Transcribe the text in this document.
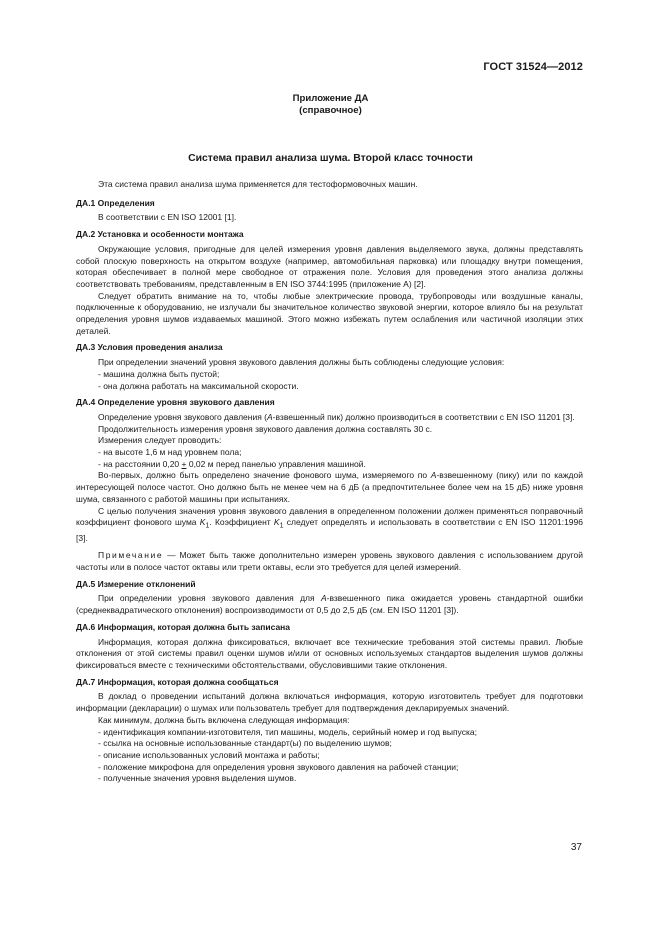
ГОСТ 31524—2012
Приложение ДА
(справочное)
Система правил анализа шума. Второй класс точности

Эта система правил анализа шума применяется для тестоформовочных машин.

ДА.1 Определения

В соответствии с EN ISO 12001 [1].

ДА.2 Установка и особенности монтажа

Окружающие условия, пригодные для целей измерения уровня давления выделяемого звука, должны представлять собой плоскую поверхность на открытом воздухе (например, автомобильная парковка) или площадку внутри помещения, которая обеспечивает в полной мере свободное от отражения поле. Условия для проведения этого анализа должны соответствовать требованиям, представленным в EN ISO 3744:1995 (приложение А) [2].

Следует обратить внимание на то, чтобы любые электрические провода, трубопроводы или воздушные каналы, подключенные к оборудованию, не излучали бы значительное количество звуковой энергии, которое влияло бы на результат определения уровня шумов издаваемых машиной. Этого можно избежать путем ослабления или частичной изоляции этих деталей.

ДА.3 Условия проведения анализа

При определении значений уровня звукового давления должны быть соблюдены следующие условия:

- машина должна быть пустой;

- она должна работать на максимальной скорости.

ДА.4 Определение уровня звукового давления

Определение уровня звукового давления (А-взвешенный пик) должно производиться в соответствии с EN ISO 11201 [3].

Продолжительность измерения уровня звукового давления должна составлять 30 с.

Измерения следует проводить:

- на высоте 1,6 м над уровнем пола;

- на расстоянии 0,20 + 0,02 м перед панелью управления машиной.

Во-первых, должно быть определено значение фонового шума, измеряемого по А-взвешенному (пику) или по каждой интересующей полосе частот. Оно должно быть не менее чем на 6 дБ (а предпочтительнее более чем на 15 дБ) ниже уровня шума, связанного с работой машины при испытаниях.

С целью получения значения уровня звукового давления в определенном положении должен применяться поправочный коэффициент фонового шума $K_1$. Коэффициент $K_1$ следует определять и использовать в соответствии с EN ISO 11201:1996 [3].

Примечание — Может быть также дополнительно измерен уровень звукового давления с использованием другой частоты или в полосе частот октавы или трети октавы, если это требуется для целей измерений.

ДА.5 Измерение отклонений

При определении уровня звукового давления для А-взвешенного пика ожидается уровень стандартной ошибки (среднеквадратического отклонения) воспроизводимости от 0,5 до 2,5 дБ (см. EN ISO 11201 [3]).

ДА.6 Информация, которая должна быть записана

Информация, которая должна фиксироваться, включает все технические требования этой системы правил. Любые отклонения от этой системы правил оценки шумов и/или от основных используемых стандартов выделения шумов должны фиксироваться вместе с техническими обстоятельствами, обусловившими такие отклонения.

ДА.7 Информация, которая должна сообщаться

В доклад о проведении испытаний должна включаться информация, которую изготовитель требует для подготовки информации (декларации) о шумах или пользователь требует для подтверждения декларируемых значений.

Как минимум, должна быть включена следующая информация:

- идентификация компании-изготовителя, тип машины, модель, серийный номер и год выпуска;

- ссылка на основные использованные стандарт(ы) по выделению шумов;

- описание использованных условий монтажа и работы;

- положение микрофона для определения уровня звукового давления на рабочей станции;

- полученные значения уровня выделения шумов.

37
